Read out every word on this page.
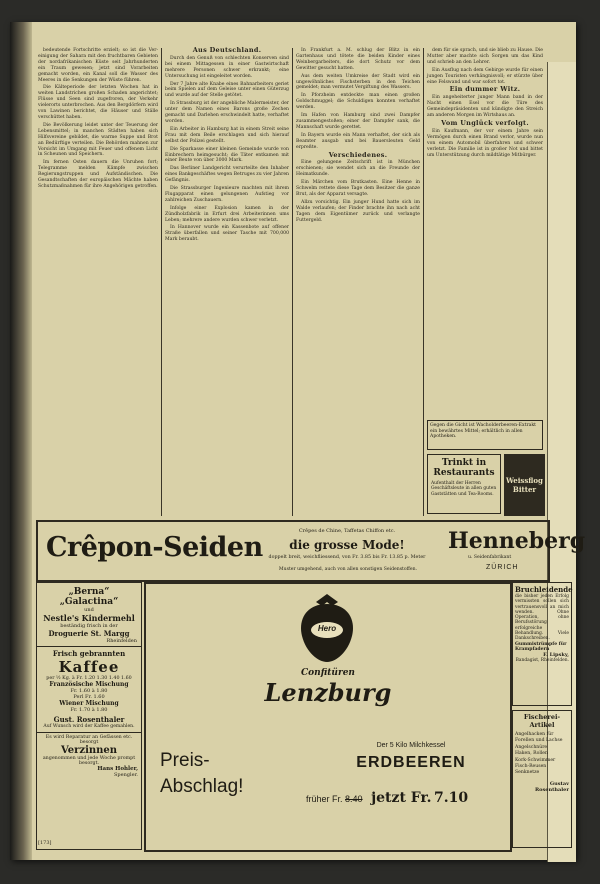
bedeutende Fortschritte erzielt; so ist die Vereinigung der Sahara mit den fruchtbaren Gebieten der nordafrikanischen Küste seit Jahrhunderten ein Traum gewesen; jetzt sind Vorarbeiten gemacht worden, ein Kanal soll die Wasser des Meeres in die Senkungen der Wüste führen.

Die Kälteperiode der letzten Wochen hat in weiten Landstrichen großen Schaden angerichtet; Flüsse und Seen sind zugefroren, der Verkehr vielerorts unterbrochen. Aus den Bergdörfern wird von Lawinen berichtet, die Häuser und Ställe verschüttet haben.

Die Bevölkerung leidet unter der Teuerung der Lebensmittel; in manchen Städten haben sich Hilfsvereine gebildet, die warme Suppe und Brot an Bedürftige verteilen. Die Behörden mahnen zur Vorsicht im Umgang mit Feuer und offenem Licht in Scheunen und Speichern.

Im fernen Osten dauern die Unruhen fort; Telegramme melden Kämpfe zwischen Regierungstruppen und Aufständischen. Die Gesandtschaften der europäischen Mächte haben Schutzmaßnahmen für ihre Angehörigen getroffen.

Aus Deutschland.

Durch den Genuß von schlechten Konserven sind bei einem Mittagessen in einer Gastwirtschaft mehrere Personen schwer erkrankt; eine Untersuchung ist eingeleitet worden.

Der 7 Jahre alte Knabe eines Bahnarbeiters geriet beim Spielen auf dem Geleise unter einen Güterzug und wurde auf der Stelle getötet.

In Strassburg ist der angebliche Malermeister, der unter dem Namen eines Barons große Zechen gemacht und Darlehen erschwindelt hatte, verhaftet worden.

Ein Arbeiter in Hamburg hat in einem Streit seine Frau mit dem Beile erschlagen und sich hierauf selbst der Polizei gestellt.

Die Sparkasse einer kleinen Gemeinde wurde von Einbrechern heimgesucht; die Täter entkamen mit einer Beute von über 3000 Mark.

Das Berliner Landgericht verurteilte den Inhaber eines Bankgeschäftes wegen Betruges zu vier Jahren Gefängnis.

Die Strassburger Ingenieure machten mit ihrem Flugapparat einen gelungenen Aufstieg vor zahlreichen Zuschauern.

Infolge einer Explosion kamen in der Zündholzfabrik in Erfurt drei Arbeiterinnen ums Leben; mehrere andere wurden schwer verletzt.

In Hannover wurde ein Kassenbote auf offener Straße überfallen und seiner Tasche mit 700,000 Mark beraubt.

In Frankfurt a. M. schlug der Blitz in ein Gartenhaus und tötete die beiden Kinder eines Weinbergarbeiters, die dort Schutz vor dem Gewitter gesucht hatten.

Aus dem weiten Umkreise der Stadt wird ein ungewöhnliches Fischsterben in den Teichen gemeldet; man vermutet Vergiftung des Wassers.

In Pforzheim entdeckte man einen großen Goldschmuggel; die Schuldigen konnten verhaftet werden.

Im Hafen von Hamburg sind zwei Dampfer zusammengestoßen; einer der Dampfer sank, die Mannschaft wurde gerettet.

In Bayern wurde ein Mann verhaftet, der sich als Beamter ausgab und bei Bauersleuten Geld erpreßte.

Verschiedenes.

Eine gelungene Zeitschrift ist in München erschienen; sie wendet sich an die Freunde der Heimatkunde.

Ein Märchen vom Brutkasten. Eine Henne in Schwelm rettete diese Tage dem Besitzer die ganze Brut, als der Apparat versagte.

Allzu vorsichtig. Ein junger Hund hatte sich im Walde verlaufen; der Finder brachte ihn nach acht Tagen dem Eigentümer zurück und verlangte Futtergeld.

dem für sie sprach, und sie blieb zu Hause. Die Mutter aber machte sich Sorgen um das Kind und schrieb an den Lehrer.

Ein Ausflug nach dem Gebirge wurde für einen jungen Touristen verhängnisvoll; er stürzte über eine Felswand und war sofort tot.

Ein dummer Witz.

Ein angeheiterter junger Mann band in der Nacht einen Esel vor die Türe des Gemeindepräsidenten und kündigte den Streich am anderen Morgen im Wirtshaus an.

Vom Unglück verfolgt.

Ein Kaufmann, der vor einem Jahre sein Vermögen durch einen Brand verlor, wurde nun von einem Automobil überfahren und schwer verletzt. Die Familie ist in großer Not und bittet um Unterstützung durch mildtätige Mitbürger.

Gegen die Gicht ist Wacholderbeeren-Extrakt ein bewährtes Mittel; erhältlich in allen Apotheken.
Trinkt in Restaurants
Aufenthalt der Herren Geschäftsleute in allen guten Gaststätten und Tea-Rooms.
Weissflog Bitter
Crêpon-Seiden
Crêpes de Chine, Taffetas Chiffon etc.
die grosse Mode!
doppelt breit, weichfliessend, von Fr. 3.85 bis Fr. 13.85 p. Meter
Muster umgehend, auch von allen sonstigen Seidenstoffen.
Henneberg
u. Seidenfabrikant
ZÜRICH
„Berna“
„Galactina“
und
Nestle's Kindermehl
beständig frisch in der
Droguerie St. Margg
Rheinfelden
Frisch gebrannten
Kaffee
per ½ Kg. à Fr. 1.20 1.30 1.40 1.60
Französische Mischung
Fr. 1.60 à 1.80
Perl Fr. 1.60
Wiener Mischung
Fr. 1.70 à 1.80
Gust. Rosenthaler
Auf Wunsch wird der Kaffee gemahlen.
Es wird Reparatur an Gefässen etc. besorgt
Verzinnen
angenommen und jede Woche prompt besorgt.
Hans Hohler,
Spengler.
[173]
Hero
Confitüren
Lenzburg
Preis-
Abschlag!
Der 5 Kilo Milchkessel
ERDBEEREN
früher Fr. 8.40 jetzt Fr. 7.10
Bruchleidende
die bisher jeden Erfolg vermissten sollen sich vertrauensvoll an mich wenden. Ohne Operation, ohne Berufsstörung erfolgreiche Behandlung. Viele Dankschreiben.
Gummistrümpfe für Krampfadern
F. Lipsky,
Bandagist, Rheinfelden.
Fischerei-Artikel
Angelhacken für Forellen und Lachse
Angelschnüre
Haken, Rollen
Kork-Schwimmer
Fisch-Reusen
Senknetze
Gustav Rosenthaler
